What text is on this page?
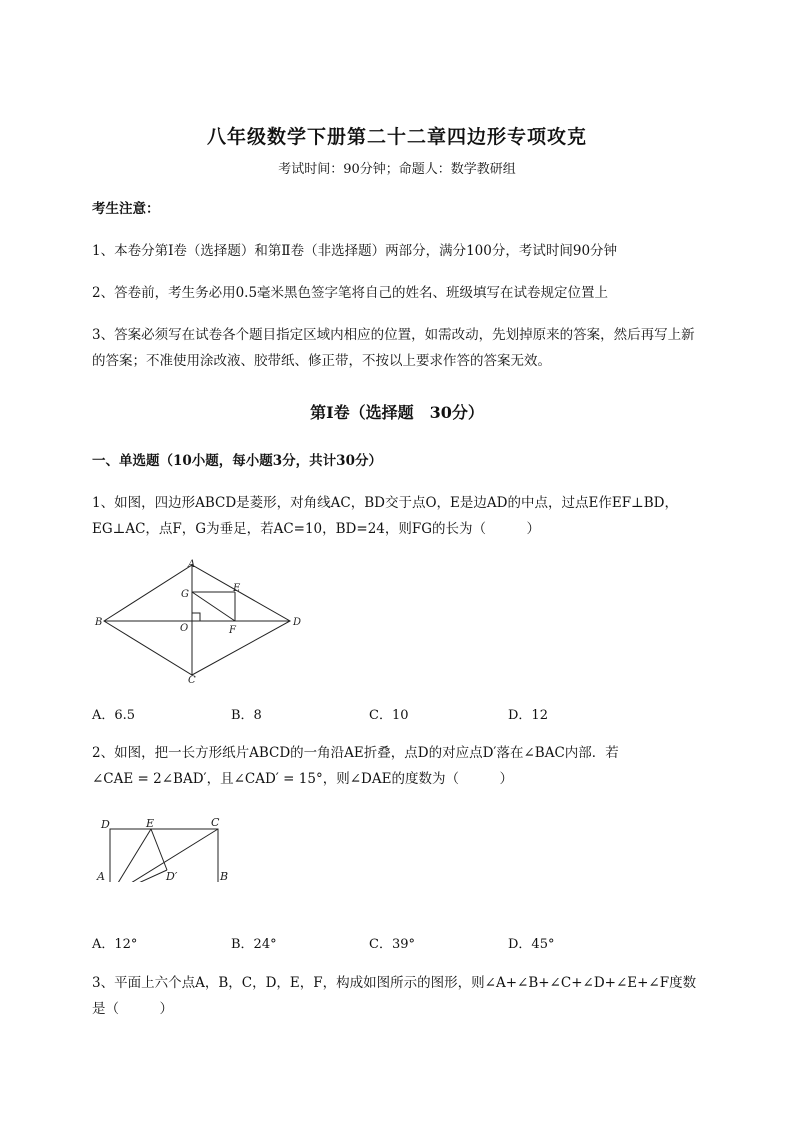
八年级数学下册第二十二章四边形专项攻克
考试时间：90分钟；命题人：数学教研组
考生注意：
1、本卷分第I卷（选择题）和第Ⅱ卷（非选择题）两部分，满分100分，考试时间90分钟
2、答卷前，考生务必用0.5毫米黑色签字笔将自己的姓名、班级填写在试卷规定位置上
3、答案必须写在试卷各个题目指定区域内相应的位置，如需改动，先划掉原来的答案，然后再写上新
的答案；不准使用涂改液、胶带纸、修正带，不按以上要求作答的答案无效。
第I卷（选择题　30分）
一、单选题（10小题，每小题3分，共计30分）
1、如图，四边形ABCD是菱形，对角线AC，BD交于点O，E是边AD的中点，过点E作EF⊥BD，
EG⊥AC，点F，G为垂足，若AC=10，BD=24，则FG的长为（　　　）
A
B
C
D
E
F
G
O
A．6.5	B．8	C．10	D．12
2、如图，把一长方形纸片ABCD的一角沿AE折叠，点D的对应点D′落在∠BAC内部．若
∠CAE = 2∠BAD′，且∠CAD′ = 15°，则∠DAE的度数为（　　　）
D	E	C
A	B
D′
A．12°	B．24°	C．39°	D．45°
3、平面上六个点A，B，C，D，E，F，构成如图所示的图形，则∠A+∠B+∠C+∠D+∠E+∠F度数
是（　　　）
